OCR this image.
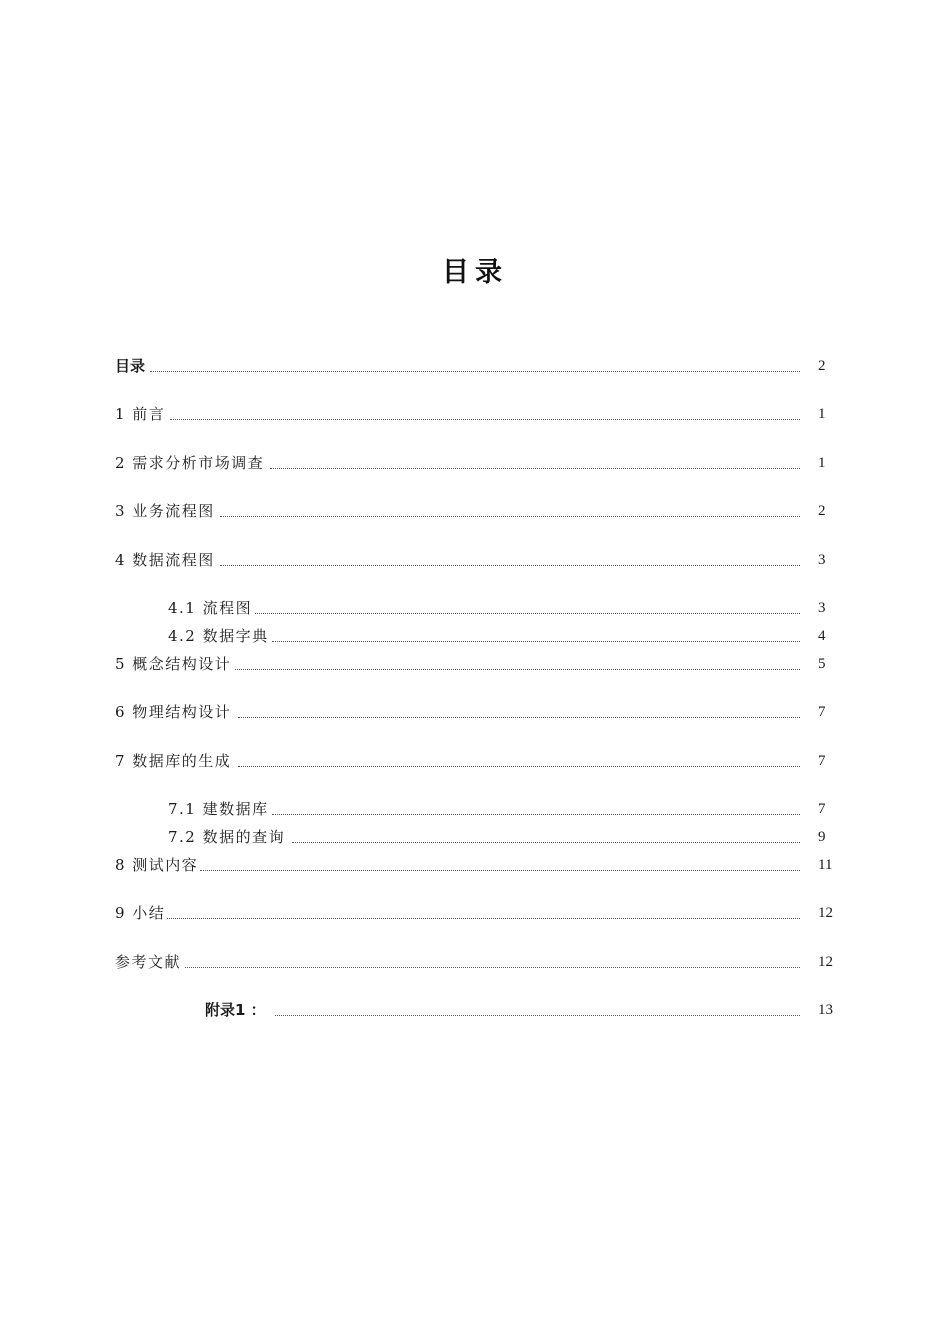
目录
目录	2
1 前言	1
2 需求分析市场调查	1
3 业务流程图	2
4 数据流程图	3
4.1 流程图	3
4.2 数据字典	4
5 概念结构设计	5
6 物理结构设计	7
7 数据库的生成	7
7.1 建数据库	7
7.2 数据的查询	9
8 测试内容	11
9 小结	12
参考文献	12
附录1 ：	13
